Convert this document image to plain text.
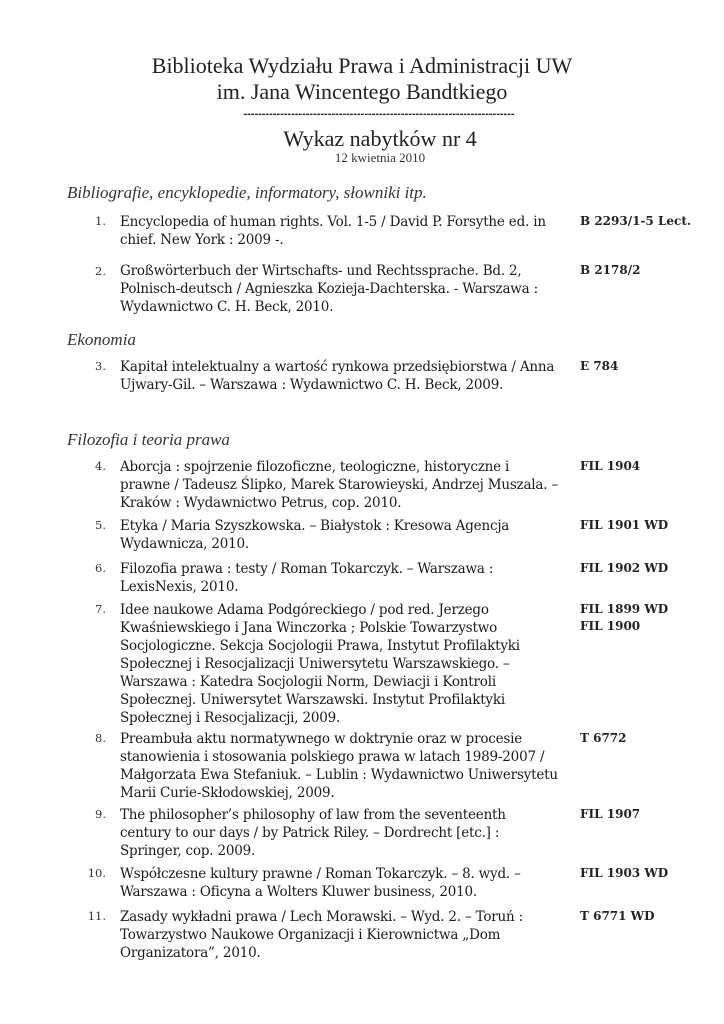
Biblioteka Wydziału Prawa i Administracji UW
im. Jana Wincentego Bandtkiego
--------------------------------------------------------------------------
Wykaz nabytków nr 4
12 kwietnia 2010
Bibliografie, encyklopedie, informatory, słowniki itp.
1. Encyclopedia of human rights. Vol. 1-5 / David P. Forsythe ed. in chief. New York : 2009 -.
B 2293/1-5 Lect.
2. Großwörterbuch der Wirtschafts- und Rechtssprache. Bd. 2, Polnisch-deutsch / Agnieszka Kozieja-Dachterska. - Warszawa : Wydawnictwo C. H. Beck, 2010.
B 2178/2
Ekonomia
3. Kapitał intelektualny a wartość rynkowa przedsiębiorstwa / Anna Ujwary-Gil. – Warszawa : Wydawnictwo C. H. Beck, 2009.
E 784
Filozofia i teoria prawa
4. Aborcja : spojrzenie filozoficzne, teologiczne, historyczne i prawne / Tadeusz Ślipko, Marek Starowieyski, Andrzej Muszala. – Kraków : Wydawnictwo Petrus, cop. 2010.
FIL 1904
5. Etyka / Maria Szyszkowska. – Białystok : Kresowa Agencja Wydawnicza, 2010.
FIL 1901 WD
6. Filozofia prawa : testy / Roman Tokarczyk. – Warszawa : LexisNexis, 2010.
FIL 1902 WD
7. Idee naukowe Adama Podgóreckiego / pod red. Jerzego Kwaśniewskiego i Jana Winczorka ; Polskie Towarzystwo Socjologiczne. Sekcja Socjologii Prawa, Instytut Profilaktyki Społecznej i Resocjalizacji Uniwersytetu Warszawskiego. – Warszawa : Katedra Socjologii Norm, Dewiacji i Kontroli Społecznej. Uniwersytet Warszawski. Instytut Profilaktyki Społecznej i Resocjalizacji, 2009.
FIL 1899 WD
FIL 1900
8. Preambuła aktu normatywnego w doktrynie oraz w procesie stanowienia i stosowania polskiego prawa w latach 1989-2007 / Małgorzata Ewa Stefaniuk. – Lublin : Wydawnictwo Uniwersytetu Marii Curie-Skłodowskiej, 2009.
T 6772
9. The philosopher’s philosophy of law from the seventeenth century to our days / by Patrick Riley. – Dordrecht [etc.] : Springer, cop. 2009.
FIL 1907
10. Współczesne kultury prawne / Roman Tokarczyk. – 8. wyd. – Warszawa : Oficyna a Wolters Kluwer business, 2010.
FIL 1903 WD
11. Zasady wykładni prawa / Lech Morawski. – Wyd. 2. – Toruń : Towarzystwo Naukowe Organizacji i Kierownictwa „Dom Organizatora”, 2010.
T 6771 WD
